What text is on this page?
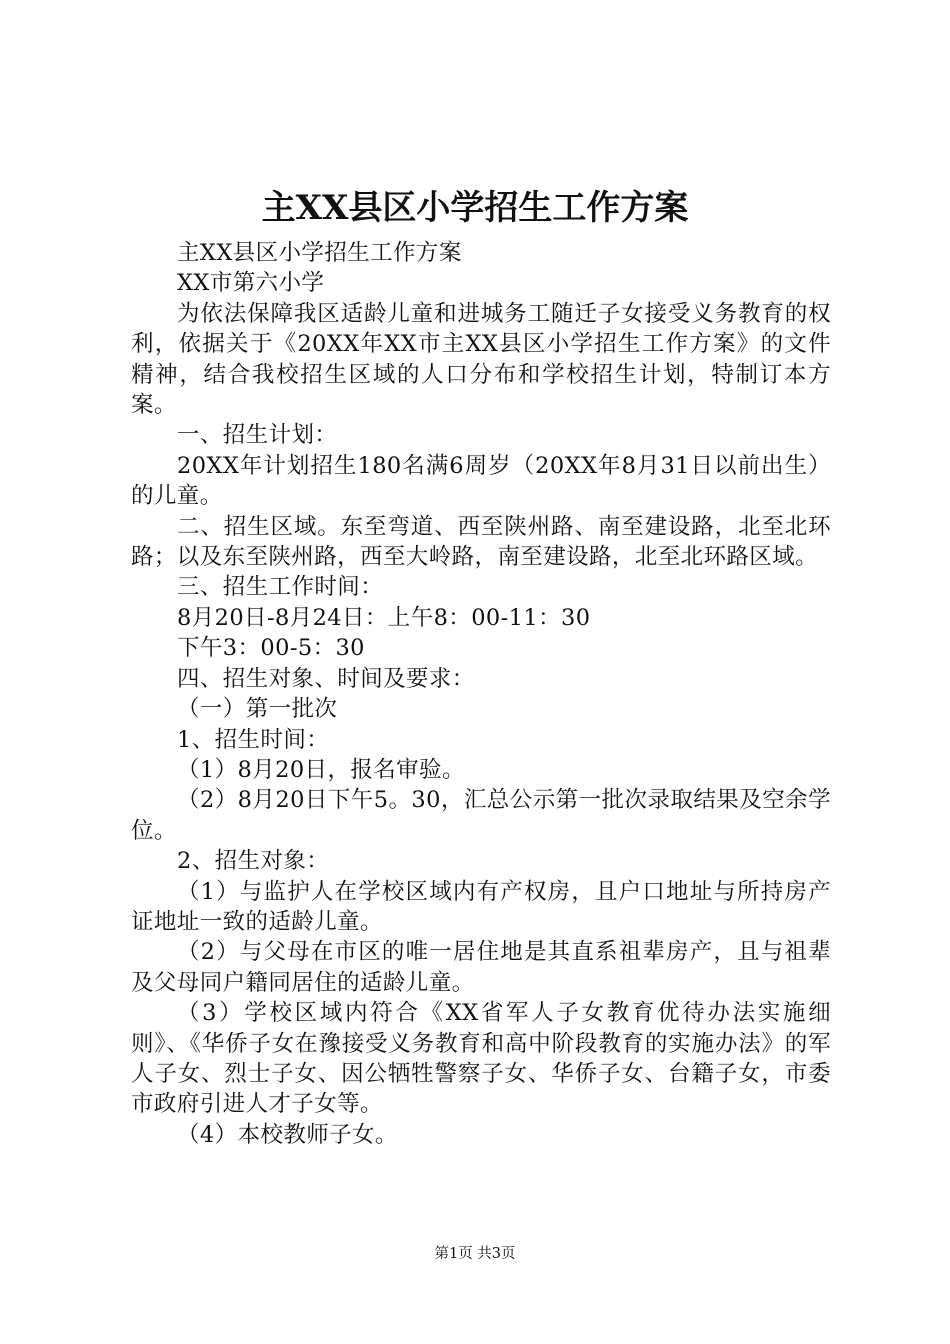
主XX县区小学招生工作方案

主XX县区小学招生工作方案

XX市第六小学

为依法保障我区适龄儿童和进城务工随迁子女接受义务教育的权利，依据关于《20XX年XX市主XX县区小学招生工作方案》的文件精神，结合我校招生区域的人口分布和学校招生计划，特制订本方案。

一、招生计划：

20XX年计划招生180名满6周岁（20XX年8月31日以前出生）的儿童。

二、招生区域。东至弯道、西至陕州路、南至建设路，北至北环路；以及东至陕州路，西至大岭路，南至建设路，北至北环路区域。

三、招生工作时间：

8月20日-8月24日：上午8：00-11：30

下午3：00-5：30

四、招生对象、时间及要求：

（一）第一批次

1、招生时间：

（1）8月20日，报名审验。

（2）8月20日下午5。30，汇总公示第一批次录取结果及空余学位。

2、招生对象：

（1）与监护人在学校区域内有产权房，且户口地址与所持房产证地址一致的适龄儿童。

（2）与父母在市区的唯一居住地是其直系祖辈房产，且与祖辈及父母同户籍同居住的适龄儿童。

（3）学校区域内符合《XX省军人子女教育优待办法实施细则》、《华侨子女在豫接受义务教育和高中阶段教育的实施办法》的军人子女、烈士子女、因公牺牲警察子女、华侨子女、台籍子女，市委市政府引进人才子女等。

（4）本校教师子女。

第1页 共3页
